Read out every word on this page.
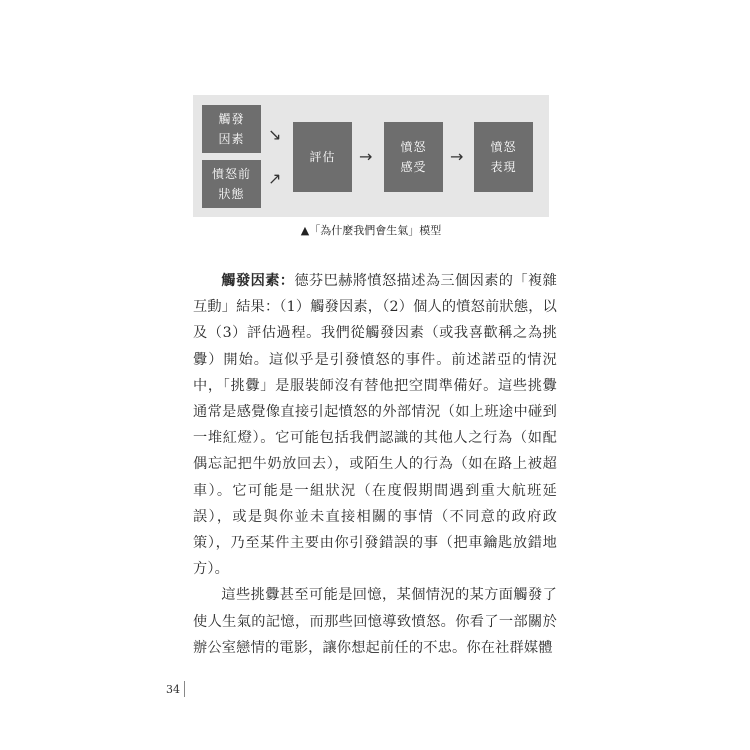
觸發
因素
憤怒前
狀態
↘
↗
評估 → 憤怒
感受
→ 憤怒
表現
▲「為什麼我們會生氣」模型

觸發因素：德芬巴赫將憤怒描述為三個因素的「複雜互動」結果：（1）觸發因素，（2）個人的憤怒前狀態，以及（3）評估過程。我們從觸發因素（或我喜歡稱之為挑釁）開始。這似乎是引發憤怒的事件。前述諾亞的情況中，「挑釁」是服裝師沒有替他把空間準備好。這些挑釁通常是感覺像直接引起憤怒的外部情況（如上班途中碰到一堆紅燈）。它可能包括我們認識的其他人之行為（如配偶忘記把牛奶放回去），或陌生人的行為（如在路上被超車）。它可能是一組狀況（在度假期間遇到重大航班延誤），或是與你並未直接相關的事情（不同意的政府政策），乃至某件主要由你引發錯誤的事（把車鑰匙放錯地方）。

這些挑釁甚至可能是回憶，某個情況的某方面觸發了使人生氣的記憶，而那些回憶導致憤怒。你看了一部關於辦公室戀情的電影，讓你想起前任的不忠。你在社群媒體

34
